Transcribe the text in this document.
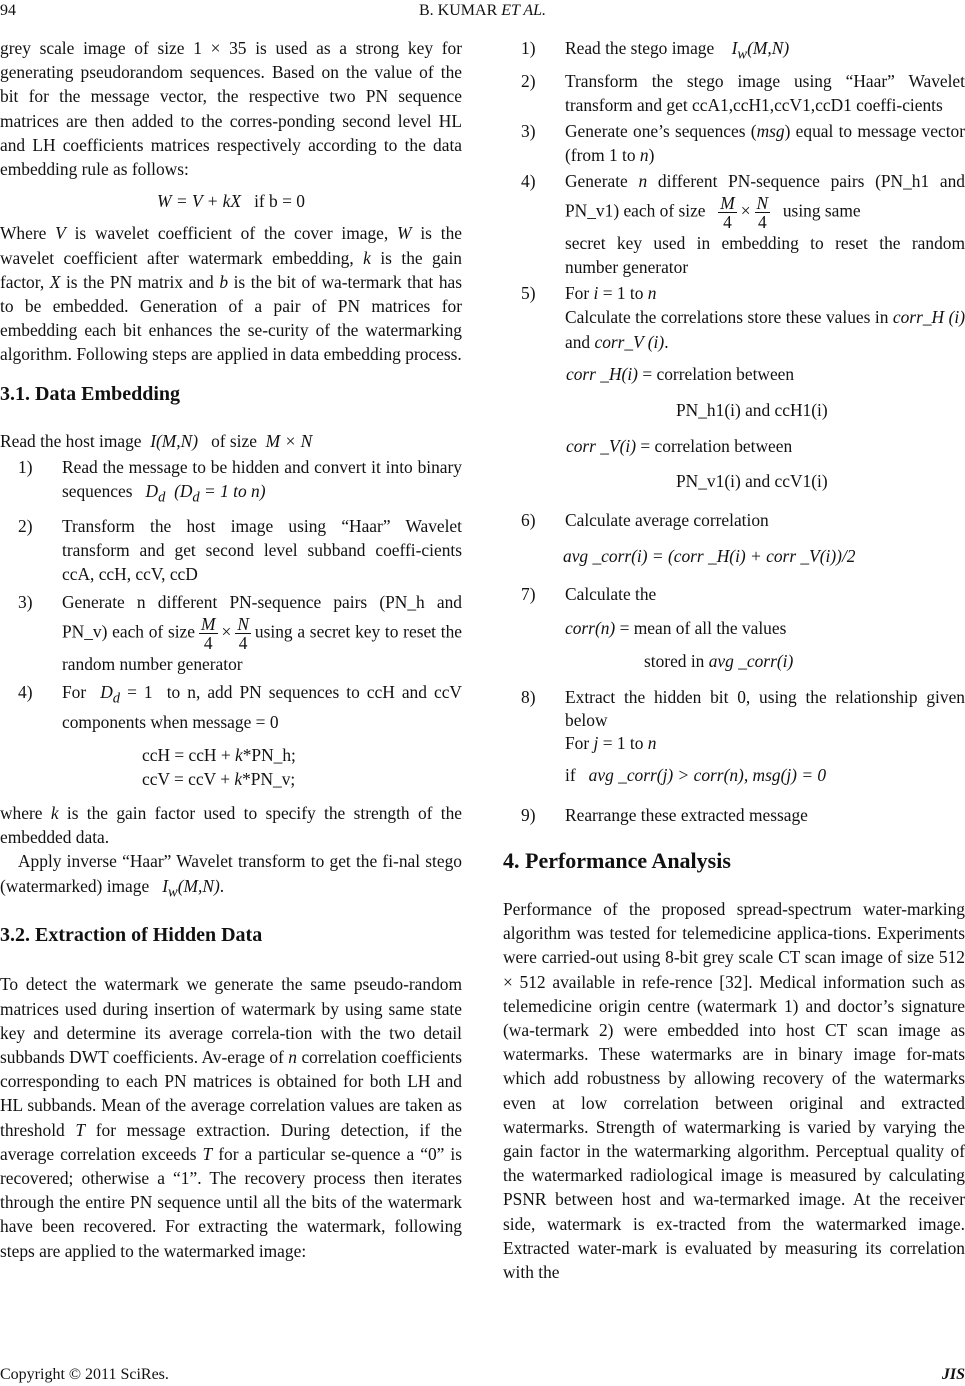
94	B. KUMAR ET AL.
grey scale image of size 1 × 35 is used as a strong key for generating pseudorandom sequences. Based on the value of the bit for the message vector, the respective two PN sequence matrices are then added to the corres-ponding second level HL and LH coefficients matrices respectively according to the data embedding rule as follows:
W = V + kX if b = 0
Where V is wavelet coefficient of the cover image, W is the wavelet coefficient after watermark embedding, k is the gain factor, X is the PN matrix and b is the bit of wa-termark that has to be embedded. Generation of a pair of PN matrices for embedding each bit enhances the se-curity of the watermarking algorithm. Following steps are applied in data embedding process.
3.1. Data Embedding
Read the host image I(M,N) of size M × N
1) Read the message to be hidden and convert it into binary sequences $D_d$ ($D_d = 1$ to n)
2) Transform the host image using “Haar” Wavelet transform and get second level subband coeffi-cients ccA, ccH, ccV, ccD
3) Generate n different PN-sequence pairs (PN_h and PN_v) each of size $\frac{M}{4} \times \frac{N}{4}$ using a secret key to reset the random number generator
4) For $D_d = 1$ to n, add PN sequences to ccH and ccV components when message = 0
ccH = ccH + k*PN_h;
ccV = ccV + k*PN_v;
where k is the gain factor used to specify the strength of the embedded data.
Apply inverse “Haar” Wavelet transform to get the fi-nal stego (watermarked) image $I_w(M,N)$.
3.2. Extraction of Hidden Data
To detect the watermark we generate the same pseudo-random matrices used during insertion of watermark by using same state key and determine its average correla-tion with the two detail subbands DWT coefficients. Av-erage of n correlation coefficients corresponding to each PN matrices is obtained for both LH and HL subbands. Mean of the average correlation values are taken as threshold T for message extraction. During detection, if the average correlation exceeds T for a particular se-quence a “0” is recovered; otherwise a “1”. The recovery process then iterates through the entire PN sequence until all the bits of the watermark have been recovered. For extracting the watermark, following steps are applied to the watermarked image:
1) Read the stego image $I_w(M,N)$
2) Transform the stego image using “Haar” Wavelet transform and get ccA1,ccH1,ccV1,ccD1 coeffi-cients
3) Generate one’s sequences (msg) equal to message vector (from 1 to n)
4) Generate n different PN-sequence pairs (PN_h1 and PN_v1) each of size $\frac{M}{4} \times \frac{N}{4}$ using same
secret key used in embedding to reset the random number generator
5) For i = 1 to n
Calculate the correlations store these values in corr_H (i) and corr_V (i).
corr _H(i) = correlation between
PN_h1(i) and ccH1(i)
corr _V(i) = correlation between
PN_v1(i) and ccV1(i)
6) Calculate average correlation
avg _corr(i) = (corr _H(i) + corr _V(i))/2
7) Calculate the
corr(n) = mean of all the values
stored in avg _corr(i)
8) Extract the hidden bit 0, using the relationship given below
For j = 1 to n
if avg _corr(j) > corr(n), msg(j) = 0
9) Rearrange these extracted message
4. Performance Analysis
Performance of the proposed spread-spectrum water-marking algorithm was tested for telemedicine applica-tions. Experiments were carried-out using 8-bit grey scale CT scan image of size 512 × 512 available in refe-rence [32]. Medical information such as telemedicine origin centre (watermark 1) and doctor’s signature (wa-termark 2) were embedded into host CT scan image as watermarks. These watermarks are in binary image for-mats which add robustness by allowing recovery of the watermarks even at low correlation between original and extracted watermarks. Strength of watermarking is varied by varying the gain factor in the watermarking algorithm. Perceptual quality of the watermarked radiological image is measured by calculating PSNR between host and wa-termarked image. At the receiver side, watermark is ex-tracted from the watermarked image. Extracted water-mark is evaluated by measuring its correlation with the
Copyright © 2011 SciRes.	JIS
